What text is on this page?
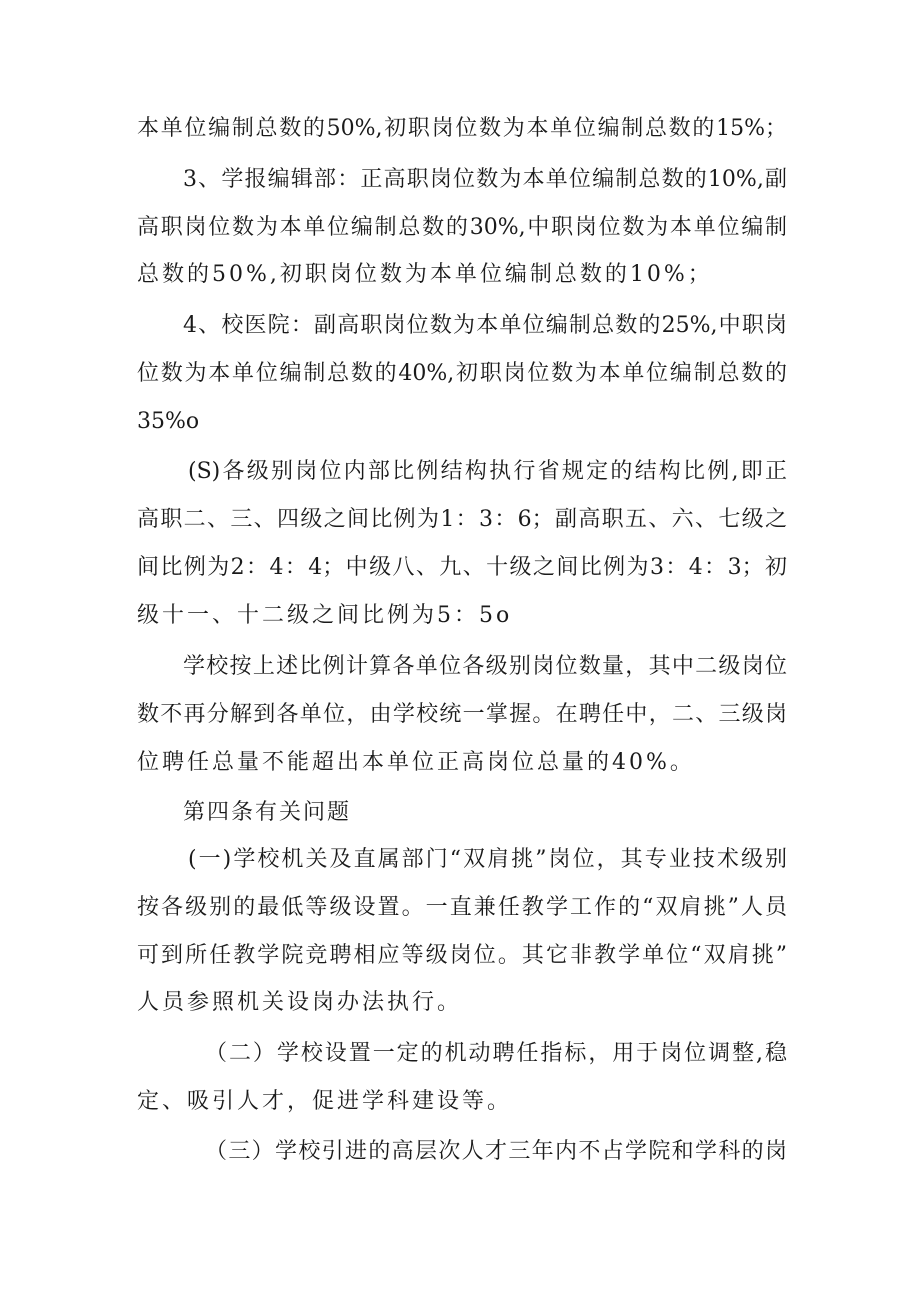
本单位编制总数的50%,初职岗位数为本单位编制总数的15%；
3、学报编辑部：正高职岗位数为本单位编制总数的10%,副
高职岗位数为本单位编制总数的30%,中职岗位数为本单位编制
总数的50%,初职岗位数为本单位编制总数的10%；
4、校医院：副高职岗位数为本单位编制总数的25%,中职岗
位数为本单位编制总数的40%,初职岗位数为本单位编制总数的
35%o
(S)各级别岗位内部比例结构执行省规定的结构比例,即正
高职二、三、四级之间比例为1：3：6；副高职五、六、七级之
间比例为2：4：4；中级八、九、十级之间比例为3：4：3；初
级十一、十二级之间比例为5：5o
学校按上述比例计算各单位各级别岗位数量，其中二级岗位
数不再分解到各单位，由学校统一掌握。在聘任中，二、三级岗
位聘任总量不能超出本单位正高岗位总量的40%。
第四条有关问题
(一)学校机关及直属部门“双肩挑”岗位，其专业技术级别
按各级别的最低等级设置。一直兼任教学工作的“双肩挑”人员
可到所任教学院竞聘相应等级岗位。其它非教学单位“双肩挑”
人员参照机关设岗办法执行。
（二）学校设置一定的机动聘任指标，用于岗位调整,稳
定、吸引人才，促进学科建设等。
（三）学校引进的高层次人才三年内不占学院和学科的岗
